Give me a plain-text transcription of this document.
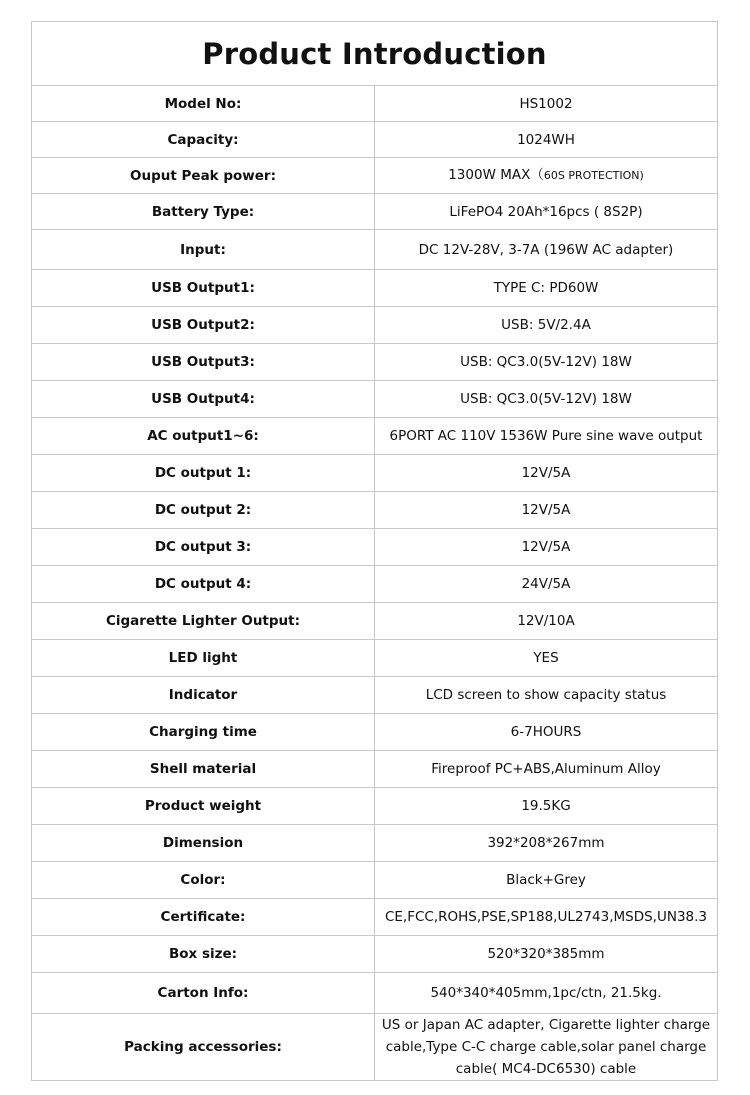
Product Introduction	
Model No:	HS1002
Capacity:	1024WH
Ouput Peak power:	1300W MAX（60S PROTECTION)
Battery Type:	LiFePO4 20Ah*16pcs ( 8S2P)
Input:	DC 12V-28V, 3-7A (196W AC adapter)
USB Output1:	TYPE C: PD60W
USB Output2:	USB: 5V/2.4A
USB Output3:	USB: QC3.0(5V-12V) 18W
USB Output4:	USB: QC3.0(5V-12V) 18W
AC output1~6:	6PORT AC 110V 1536W Pure sine wave output
DC output 1:	12V/5A
DC output 2:	12V/5A
DC output 3:	12V/5A
DC output 4:	24V/5A
Cigarette Lighter Output:	12V/10A
LED light	YES
Indicator	LCD screen to show capacity status
Charging time	6-7HOURS
Shell material	Fireproof PC+ABS,Aluminum Alloy
Product weight	19.5KG
Dimension	392*208*267mm
Color:	Black+Grey
Certificate:	CE,FCC,ROHS,PSE,SP188,UL2743,MSDS,UN38.3
Box size:	520*320*385mm
Carton Info:	540*340*405mm,1pc/ctn, 21.5kg.
Packing accessories:	US or Japan AC adapter, Cigarette lighter charge cable,Type C-C charge cable,solar panel charge cable( MC4-DC6530) cable
